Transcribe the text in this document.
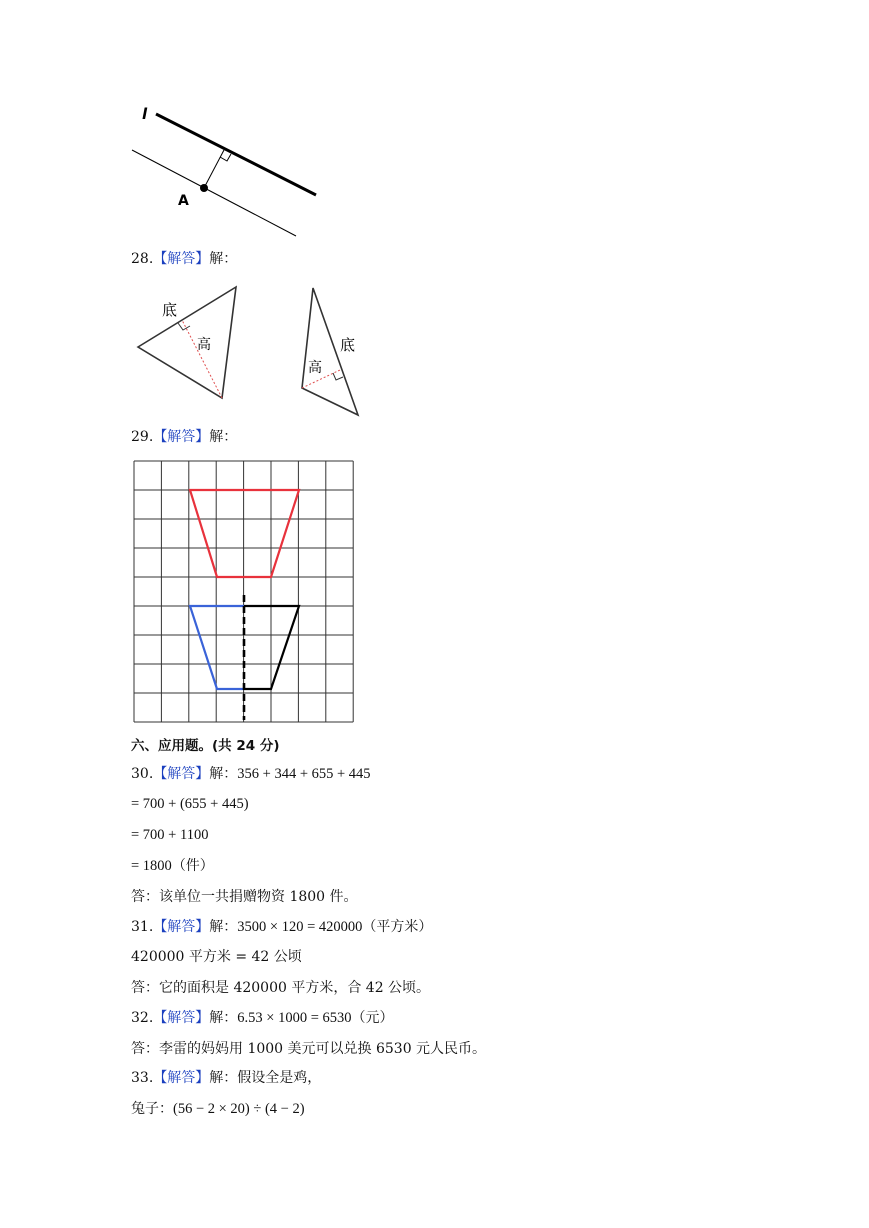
l
A
28.【解答】解：
底
高	底
高
29.【解答】解：
六、应用题。(共 24 分)
30.【解答】解：356 + 344 + 655 + 445
= 700 + (655 + 445)
= 700 + 1100
= 1800（件）
答：该单位一共捐赠物资 1800 件。
31.【解答】解：3500 × 120 = 420000（平方米）
420000 平方米 = 42 公顷
答：它的面积是 420000 平方米，合 42 公顷。
32.【解答】解：6.53 × 1000 = 6530（元）
答：李雷的妈妈用 1000 美元可以兑换 6530 元人民币。
33.【解答】解：假设全是鸡，
兔子：(56 − 2 × 20) ÷ (4 − 2)
